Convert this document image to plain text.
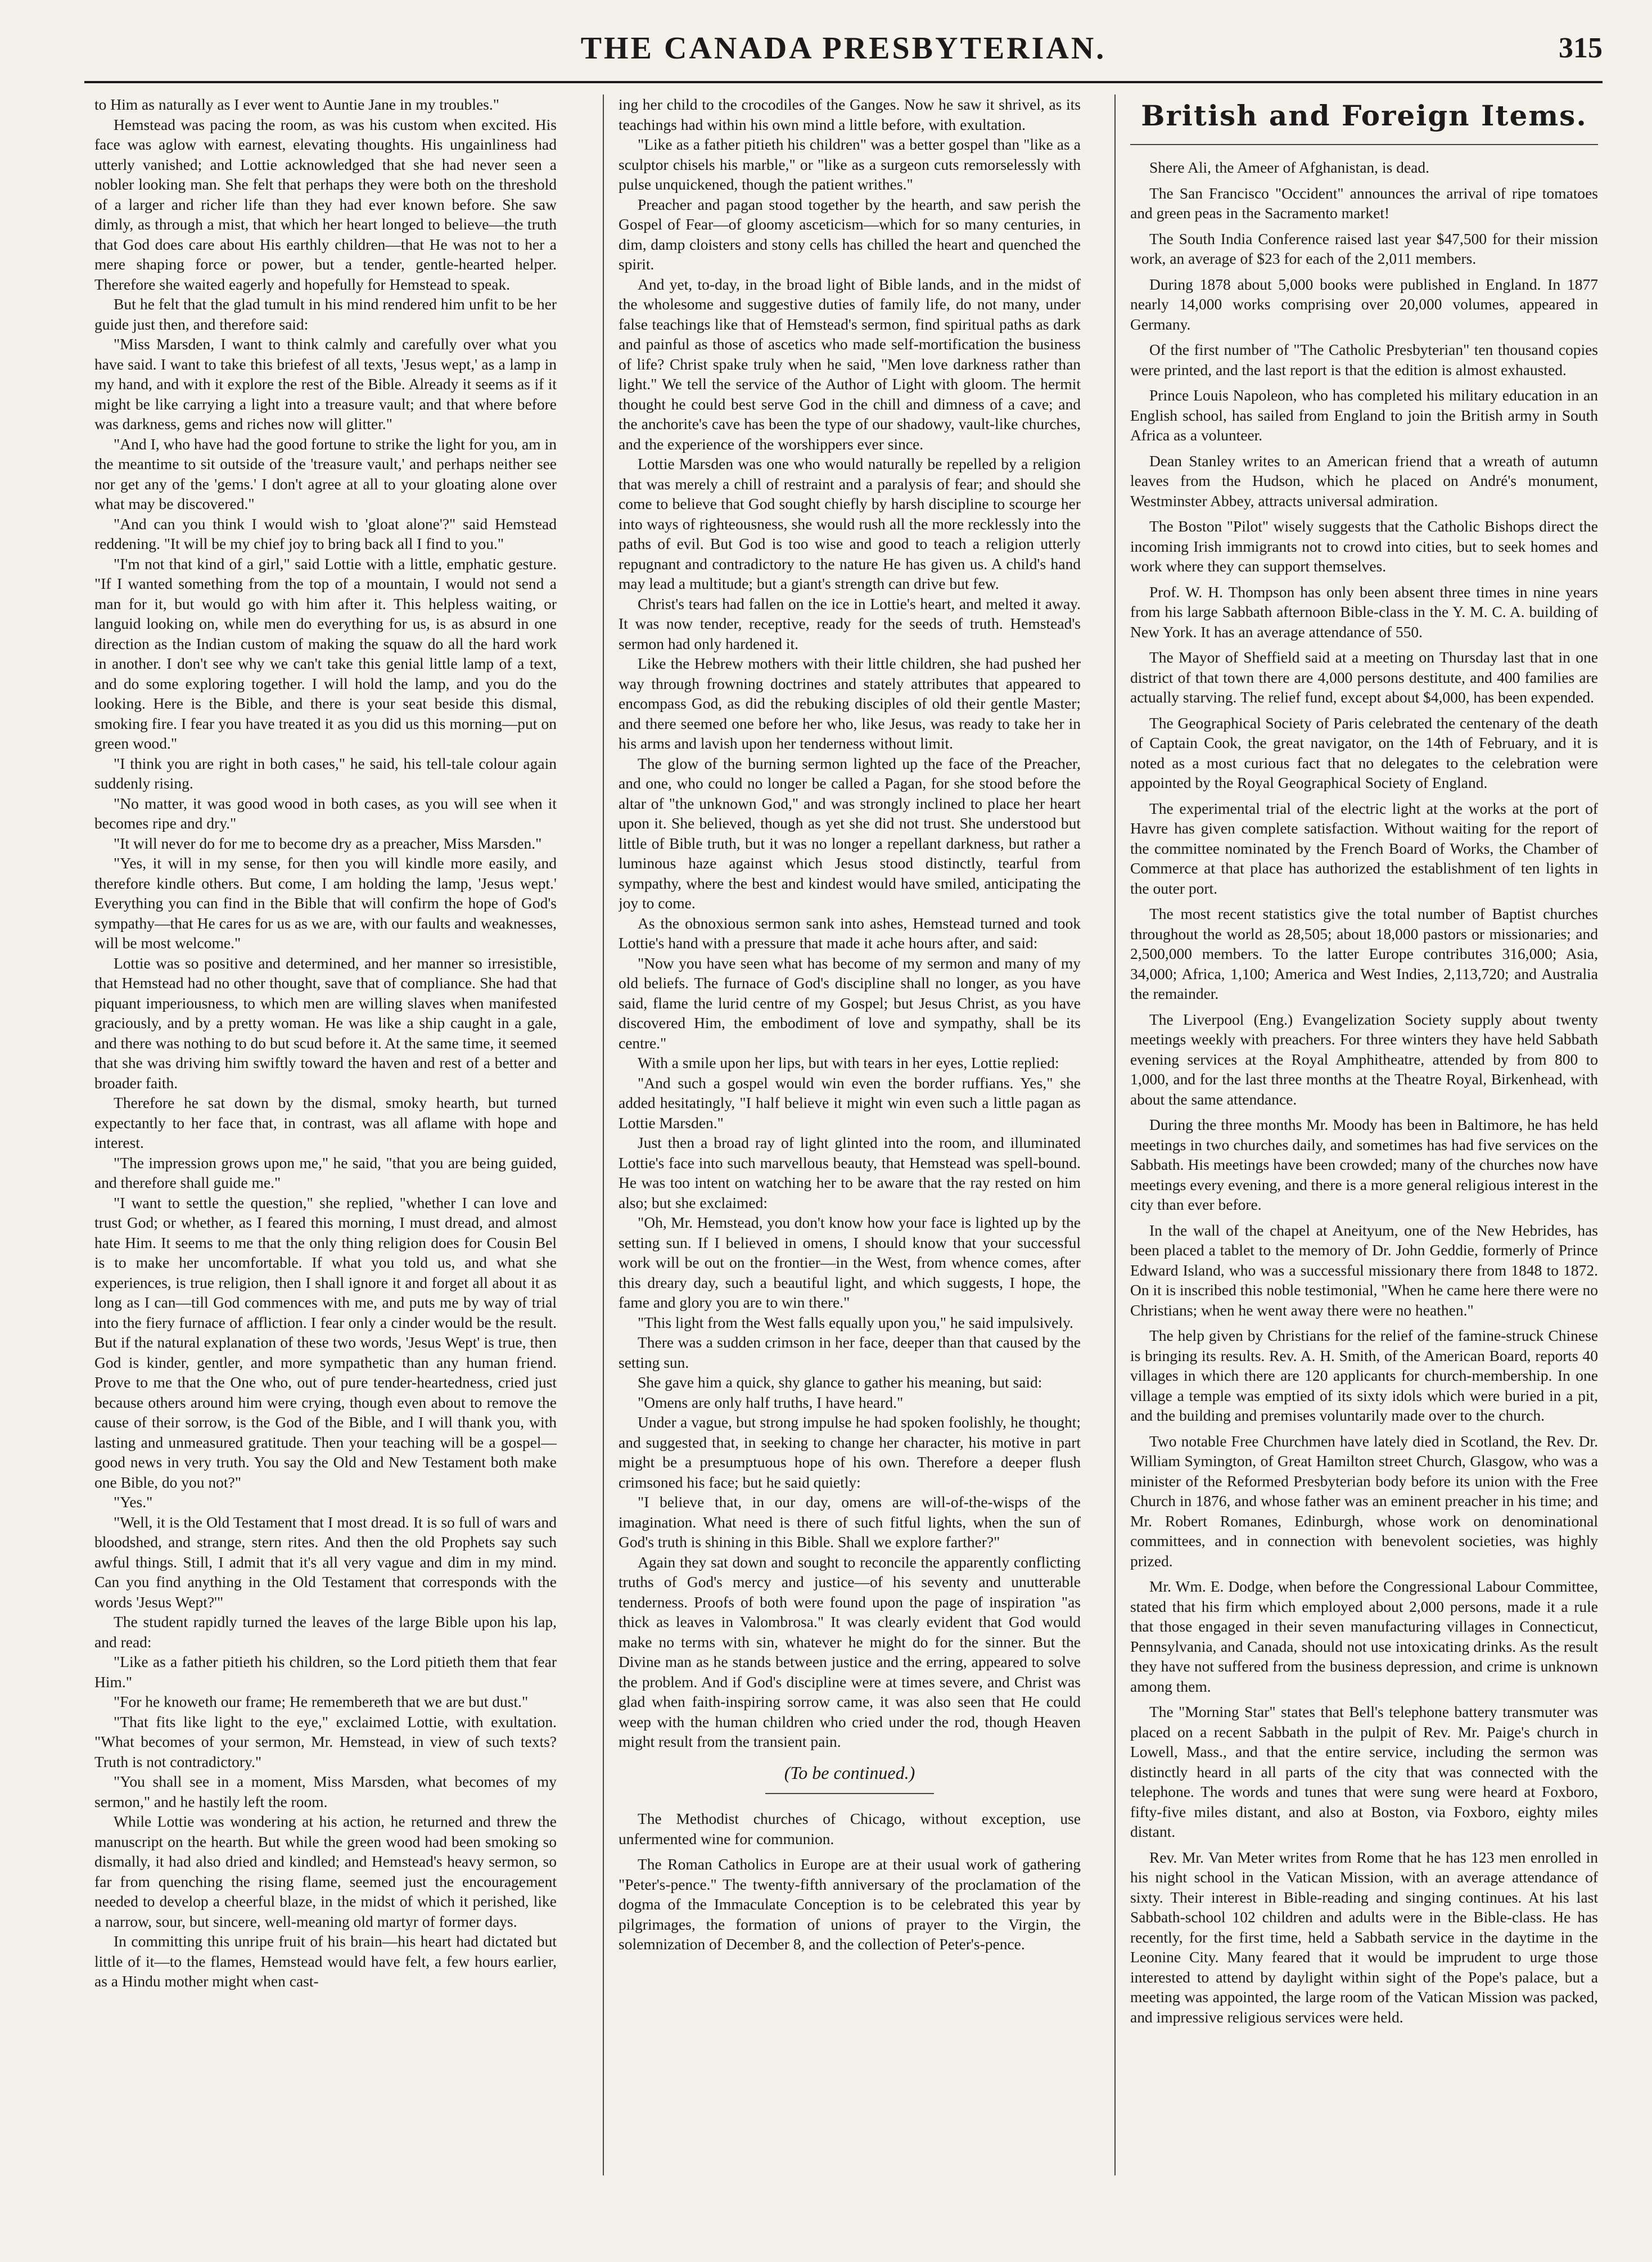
THE CANADA PRESBYTERIAN.	315

to Him as naturally as I ever went to Auntie Jane in my troubles."

Hemstead was pacing the room, as was his custom when excited. His face was aglow with earnest, elevating thoughts. His ungainliness had utterly vanished; and Lottie acknowledged that she had never seen a nobler looking man. She felt that perhaps they were both on the threshold of a larger and richer life than they had ever known before. She saw dimly, as through a mist, that which her heart longed to believe—the truth that God does care about His earthly children—that He was not to her a mere shaping force or power, but a tender, gentle-hearted helper. Therefore she waited eagerly and hopefully for Hemstead to speak.

But he felt that the glad tumult in his mind rendered him unfit to be her guide just then, and therefore said:

"Miss Marsden, I want to think calmly and carefully over what you have said. I want to take this briefest of all texts, 'Jesus wept,' as a lamp in my hand, and with it explore the rest of the Bible. Already it seems as if it might be like carrying a light into a treasure vault; and that where before was darkness, gems and riches now will glitter."

"And I, who have had the good fortune to strike the light for you, am in the meantime to sit outside of the 'treasure vault,' and perhaps neither see nor get any of the 'gems.' I don't agree at all to your gloating alone over what may be discovered."

"And can you think I would wish to 'gloat alone'?" said Hemstead reddening. "It will be my chief joy to bring back all I find to you."

"I'm not that kind of a girl," said Lottie with a little, emphatic gesture. "If I wanted something from the top of a mountain, I would not send a man for it, but would go with him after it. This helpless waiting, or languid looking on, while men do everything for us, is as absurd in one direction as the Indian custom of making the squaw do all the hard work in another. I don't see why we can't take this genial little lamp of a text, and do some exploring together. I will hold the lamp, and you do the looking. Here is the Bible, and there is your seat beside this dismal, smoking fire. I fear you have treated it as you did us this morning—put on green wood."

"I think you are right in both cases," he said, his tell-tale colour again suddenly rising.

"No matter, it was good wood in both cases, as you will see when it becomes ripe and dry."

"It will never do for me to become dry as a preacher, Miss Marsden."

"Yes, it will in my sense, for then you will kindle more easily, and therefore kindle others. But come, I am holding the lamp, 'Jesus wept.' Everything you can find in the Bible that will confirm the hope of God's sympathy—that He cares for us as we are, with our faults and weaknesses, will be most welcome."

Lottie was so positive and determined, and her manner so irresistible, that Hemstead had no other thought, save that of compliance. She had that piquant imperiousness, to which men are willing slaves when manifested graciously, and by a pretty woman. He was like a ship caught in a gale, and there was nothing to do but scud before it. At the same time, it seemed that she was driving him swiftly toward the haven and rest of a better and broader faith.

Therefore he sat down by the dismal, smoky hearth, but turned expectantly to her face that, in contrast, was all aflame with hope and interest.

"The impression grows upon me," he said, "that you are being guided, and therefore shall guide me."

"I want to settle the question," she replied, "whether I can love and trust God; or whether, as I feared this morning, I must dread, and almost hate Him. It seems to me that the only thing religion does for Cousin Bel is to make her uncomfortable. If what you told us, and what she experiences, is true religion, then I shall ignore it and forget all about it as long as I can—till God commences with me, and puts me by way of trial into the fiery furnace of affliction. I fear only a cinder would be the result. But if the natural explanation of these two words, 'Jesus Wept' is true, then God is kinder, gentler, and more sympathetic than any human friend. Prove to me that the One who, out of pure tender-heartedness, cried just because others around him were crying, though even about to remove the cause of their sorrow, is the God of the Bible, and I will thank you, with lasting and unmeasured gratitude. Then your teaching will be a gospel—good news in very truth. You say the Old and New Testament both make one Bible, do you not?"

"Yes."

"Well, it is the Old Testament that I most dread. It is so full of wars and bloodshed, and strange, stern rites. And then the old Prophets say such awful things. Still, I admit that it's all very vague and dim in my mind. Can you find anything in the Old Testament that corresponds with the words 'Jesus Wept?'"

The student rapidly turned the leaves of the large Bible upon his lap, and read:

"Like as a father pitieth his children, so the Lord pitieth them that fear Him."

"For he knoweth our frame; He remembereth that we are but dust."

"That fits like light to the eye," exclaimed Lottie, with exultation. "What becomes of your sermon, Mr. Hemstead, in view of such texts? Truth is not contradictory."

"You shall see in a moment, Miss Marsden, what becomes of my sermon," and he hastily left the room.

While Lottie was wondering at his action, he returned and threw the manuscript on the hearth. But while the green wood had been smoking so dismally, it had also dried and kindled; and Hemstead's heavy sermon, so far from quenching the rising flame, seemed just the encouragement needed to develop a cheerful blaze, in the midst of which it perished, like a narrow, sour, but sincere, well-meaning old martyr of former days.

In committing this unripe fruit of his brain—his heart had dictated but little of it—to the flames, Hemstead would have felt, a few hours earlier, as a Hindu mother might when cast-

ing her child to the crocodiles of the Ganges. Now he saw it shrivel, as its teachings had within his own mind a little before, with exultation.

"Like as a father pitieth his children" was a better gospel than "like as a sculptor chisels his marble," or "like as a surgeon cuts remorselessly with pulse unquickened, though the patient writhes."

Preacher and pagan stood together by the hearth, and saw perish the Gospel of Fear—of gloomy asceticism—which for so many centuries, in dim, damp cloisters and stony cells has chilled the heart and quenched the spirit.

And yet, to-day, in the broad light of Bible lands, and in the midst of the wholesome and suggestive duties of family life, do not many, under false teachings like that of Hemstead's sermon, find spiritual paths as dark and painful as those of ascetics who made self-mortification the business of life? Christ spake truly when he said, "Men love darkness rather than light." We tell the service of the Author of Light with gloom. The hermit thought he could best serve God in the chill and dimness of a cave; and the anchorite's cave has been the type of our shadowy, vault-like churches, and the experience of the worshippers ever since.

Lottie Marsden was one who would naturally be repelled by a religion that was merely a chill of restraint and a paralysis of fear; and should she come to believe that God sought chiefly by harsh discipline to scourge her into ways of righteousness, she would rush all the more recklessly into the paths of evil. But God is too wise and good to teach a religion utterly repugnant and contradictory to the nature He has given us. A child's hand may lead a multitude; but a giant's strength can drive but few.

Christ's tears had fallen on the ice in Lottie's heart, and melted it away. It was now tender, receptive, ready for the seeds of truth. Hemstead's sermon had only hardened it.

Like the Hebrew mothers with their little children, she had pushed her way through frowning doctrines and stately attributes that appeared to encompass God, as did the rebuking disciples of old their gentle Master; and there seemed one before her who, like Jesus, was ready to take her in his arms and lavish upon her tenderness without limit.

The glow of the burning sermon lighted up the face of the Preacher, and one, who could no longer be called a Pagan, for she stood before the altar of "the unknown God," and was strongly inclined to place her heart upon it. She believed, though as yet she did not trust. She understood but little of Bible truth, but it was no longer a repellant darkness, but rather a luminous haze against which Jesus stood distinctly, tearful from sympathy, where the best and kindest would have smiled, anticipating the joy to come.

As the obnoxious sermon sank into ashes, Hemstead turned and took Lottie's hand with a pressure that made it ache hours after, and said:

"Now you have seen what has become of my sermon and many of my old beliefs. The furnace of God's discipline shall no longer, as you have said, flame the lurid centre of my Gospel; but Jesus Christ, as you have discovered Him, the embodiment of love and sympathy, shall be its centre."

With a smile upon her lips, but with tears in her eyes, Lottie replied:

"And such a gospel would win even the border ruffians. Yes," she added hesitatingly, "I half believe it might win even such a little pagan as Lottie Marsden."

Just then a broad ray of light glinted into the room, and illuminated Lottie's face into such marvellous beauty, that Hemstead was spell-bound. He was too intent on watching her to be aware that the ray rested on him also; but she exclaimed:

"Oh, Mr. Hemstead, you don't know how your face is lighted up by the setting sun. If I believed in omens, I should know that your successful work will be out on the frontier—in the West, from whence comes, after this dreary day, such a beautiful light, and which suggests, I hope, the fame and glory you are to win there."

"This light from the West falls equally upon you," he said impulsively.

There was a sudden crimson in her face, deeper than that caused by the setting sun.

She gave him a quick, shy glance to gather his meaning, but said:

"Omens are only half truths, I have heard."

Under a vague, but strong impulse he had spoken foolishly, he thought; and suggested that, in seeking to change her character, his motive in part might be a presumptuous hope of his own. Therefore a deeper flush crimsoned his face; but he said quietly:

"I believe that, in our day, omens are will-of-the-wisps of the imagination. What need is there of such fitful lights, when the sun of God's truth is shining in this Bible. Shall we explore farther?"

Again they sat down and sought to reconcile the apparently conflicting truths of God's mercy and justice—of his seventy and unutterable tenderness. Proofs of both were found upon the page of inspiration "as thick as leaves in Valombrosa." It was clearly evident that God would make no terms with sin, whatever he might do for the sinner. But the Divine man as he stands between justice and the erring, appeared to solve the problem. And if God's discipline were at times severe, and Christ was glad when faith-inspiring sorrow came, it was also seen that He could weep with the human children who cried under the rod, though Heaven might result from the transient pain.

(To be continued.)

The Methodist churches of Chicago, without exception, use unfermented wine for communion.

The Roman Catholics in Europe are at their usual work of gathering "Peter's-pence." The twenty-fifth anniversary of the proclamation of the dogma of the Immaculate Conception is to be celebrated this year by pilgrimages, the formation of unions of prayer to the Virgin, the solemnization of December 8, and the collection of Peter's-pence.

British and Foreign Items.

Shere Ali, the Ameer of Afghanistan, is dead.

The San Francisco "Occident" announces the arrival of ripe tomatoes and green peas in the Sacramento market!

The South India Conference raised last year $47,500 for their mission work, an average of $23 for each of the 2,011 members.

During 1878 about 5,000 books were published in England. In 1877 nearly 14,000 works comprising over 20,000 volumes, appeared in Germany.

Of the first number of "The Catholic Presbyterian" ten thousand copies were printed, and the last report is that the edition is almost exhausted.

Prince Louis Napoleon, who has completed his military education in an English school, has sailed from England to join the British army in South Africa as a volunteer.

Dean Stanley writes to an American friend that a wreath of autumn leaves from the Hudson, which he placed on André's monument, Westminster Abbey, attracts universal admiration.

The Boston "Pilot" wisely suggests that the Catholic Bishops direct the incoming Irish immigrants not to crowd into cities, but to seek homes and work where they can support themselves.

Prof. W. H. Thompson has only been absent three times in nine years from his large Sabbath afternoon Bible-class in the Y. M. C. A. building of New York. It has an average attendance of 550.

The Mayor of Sheffield said at a meeting on Thursday last that in one district of that town there are 4,000 persons destitute, and 400 families are actually starving. The relief fund, except about $4,000, has been expended.

The Geographical Society of Paris celebrated the centenary of the death of Captain Cook, the great navigator, on the 14th of February, and it is noted as a most curious fact that no delegates to the celebration were appointed by the Royal Geographical Society of England.

The experimental trial of the electric light at the works at the port of Havre has given complete satisfaction. Without waiting for the report of the committee nominated by the French Board of Works, the Chamber of Commerce at that place has authorized the establishment of ten lights in the outer port.

The most recent statistics give the total number of Baptist churches throughout the world as 28,505; about 18,000 pastors or missionaries; and 2,500,000 members. To the latter Europe contributes 316,000; Asia, 34,000; Africa, 1,100; America and West Indies, 2,113,720; and Australia the remainder.

The Liverpool (Eng.) Evangelization Society supply about twenty meetings weekly with preachers. For three winters they have held Sabbath evening services at the Royal Amphitheatre, attended by from 800 to 1,000, and for the last three months at the Theatre Royal, Birkenhead, with about the same attendance.

During the three months Mr. Moody has been in Baltimore, he has held meetings in two churches daily, and sometimes has had five services on the Sabbath. His meetings have been crowded; many of the churches now have meetings every evening, and there is a more general religious interest in the city than ever before.

In the wall of the chapel at Aneityum, one of the New Hebrides, has been placed a tablet to the memory of Dr. John Geddie, formerly of Prince Edward Island, who was a successful missionary there from 1848 to 1872. On it is inscribed this noble testimonial, "When he came here there were no Christians; when he went away there were no heathen."

The help given by Christians for the relief of the famine-struck Chinese is bringing its results. Rev. A. H. Smith, of the American Board, reports 40 villages in which there are 120 applicants for church-membership. In one village a temple was emptied of its sixty idols which were buried in a pit, and the building and premises voluntarily made over to the church.

Two notable Free Churchmen have lately died in Scotland, the Rev. Dr. William Symington, of Great Hamilton street Church, Glasgow, who was a minister of the Reformed Presbyterian body before its union with the Free Church in 1876, and whose father was an eminent preacher in his time; and Mr. Robert Romanes, Edinburgh, whose work on denominational committees, and in connection with benevolent societies, was highly prized.

Mr. Wm. E. Dodge, when before the Congressional Labour Committee, stated that his firm which employed about 2,000 persons, made it a rule that those engaged in their seven manufacturing villages in Connecticut, Pennsylvania, and Canada, should not use intoxicating drinks. As the result they have not suffered from the business depression, and crime is unknown among them.

The "Morning Star" states that Bell's telephone battery transmuter was placed on a recent Sabbath in the pulpit of Rev. Mr. Paige's church in Lowell, Mass., and that the entire service, including the sermon was distinctly heard in all parts of the city that was connected with the telephone. The words and tunes that were sung were heard at Foxboro, fifty-five miles distant, and also at Boston, via Foxboro, eighty miles distant.

Rev. Mr. Van Meter writes from Rome that he has 123 men enrolled in his night school in the Vatican Mission, with an average attendance of sixty. Their interest in Bible-reading and singing continues. At his last Sabbath-school 102 children and adults were in the Bible-class. He has recently, for the first time, held a Sabbath service in the daytime in the Leonine City. Many feared that it would be imprudent to urge those interested to attend by daylight within sight of the Pope's palace, but a meeting was appointed, the large room of the Vatican Mission was packed, and impressive religious services were held.
